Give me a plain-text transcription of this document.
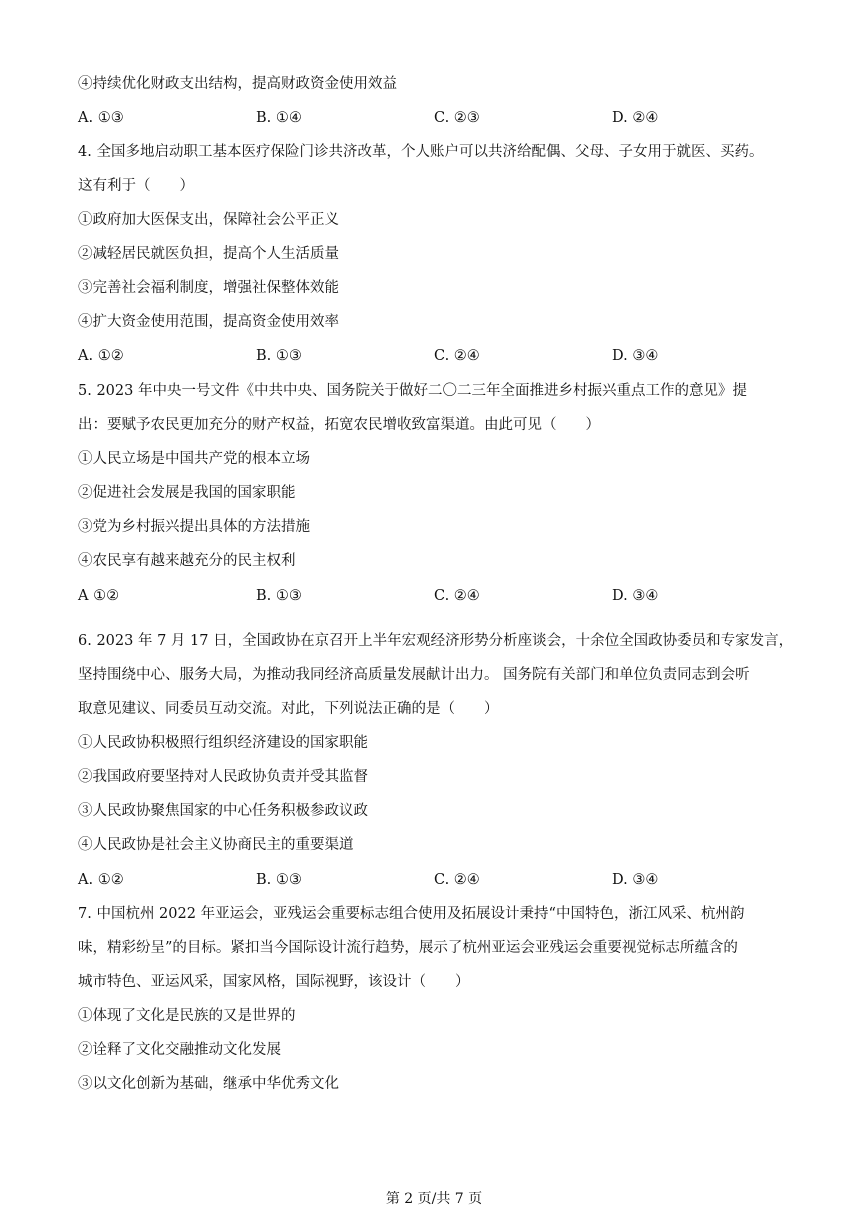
④持续优化财政支出结构，提高财政资金使用效益
A. ①③	B. ①④	C. ②③	D. ②④
4. 全国多地启动职工基本医疗保险门诊共济改革，个人账户可以共济给配偶、父母、子女用于就医、买药。
这有利于（　　）
①政府加大医保支出，保障社会公平正义
②减轻居民就医负担，提高个人生活质量
③完善社会福利制度，增强社保整体效能
④扩大资金使用范围，提高资金使用效率
A. ①②	B. ①③	C. ②④	D. ③④
5. 2023 年中央一号文件《中共中央、国务院关于做好二〇二三年全面推进乡村振兴重点工作的意见》提
出：要赋予农民更加充分的财产权益，拓宽农民增收致富渠道。由此可见（　　）
①人民立场是中国共产党的根本立场
②促进社会发展是我国的国家职能
③党为乡村振兴提出具体的方法措施
④农民享有越来越充分的民主权利
A ①②	B. ①③	C. ②④	D. ③④
6. 2023 年 7 月 17 日，全国政协在京召开上半年宏观经济形势分析座谈会，十余位全国政协委员和专家发言，
坚持围绕中心、服务大局，为推动我同经济高质量发展献计出力。 国务院有关部门和单位负责同志到会听
取意见建议、同委员互动交流。对此，下列说法正确的是（　　）
①人民政协积极照行组织经济建设的国家职能
②我国政府要坚持对人民政协负责并受其监督
③人民政协聚焦国家的中心任务积极参政议政
④人民政协是社会主义协商民主的重要渠道
A. ①②	B. ①③	C. ②④	D. ③④
7. 中国杭州 2022 年亚运会，亚残运会重要标志组合使用及拓展设计秉持“中国特色，浙江风采、杭州韵
味，精彩纷呈”的目标。紧扣当今国际设计流行趋势，展示了杭州亚运会亚残运会重要视觉标志所蕴含的
城市特色、亚运风采，国家风格，国际视野，该设计（　　）
①体现了文化是民族的又是世界的
②诠释了文化交融推动文化发展
③以文化创新为基础，继承中华优秀文化
第 2 页/共 7 页
